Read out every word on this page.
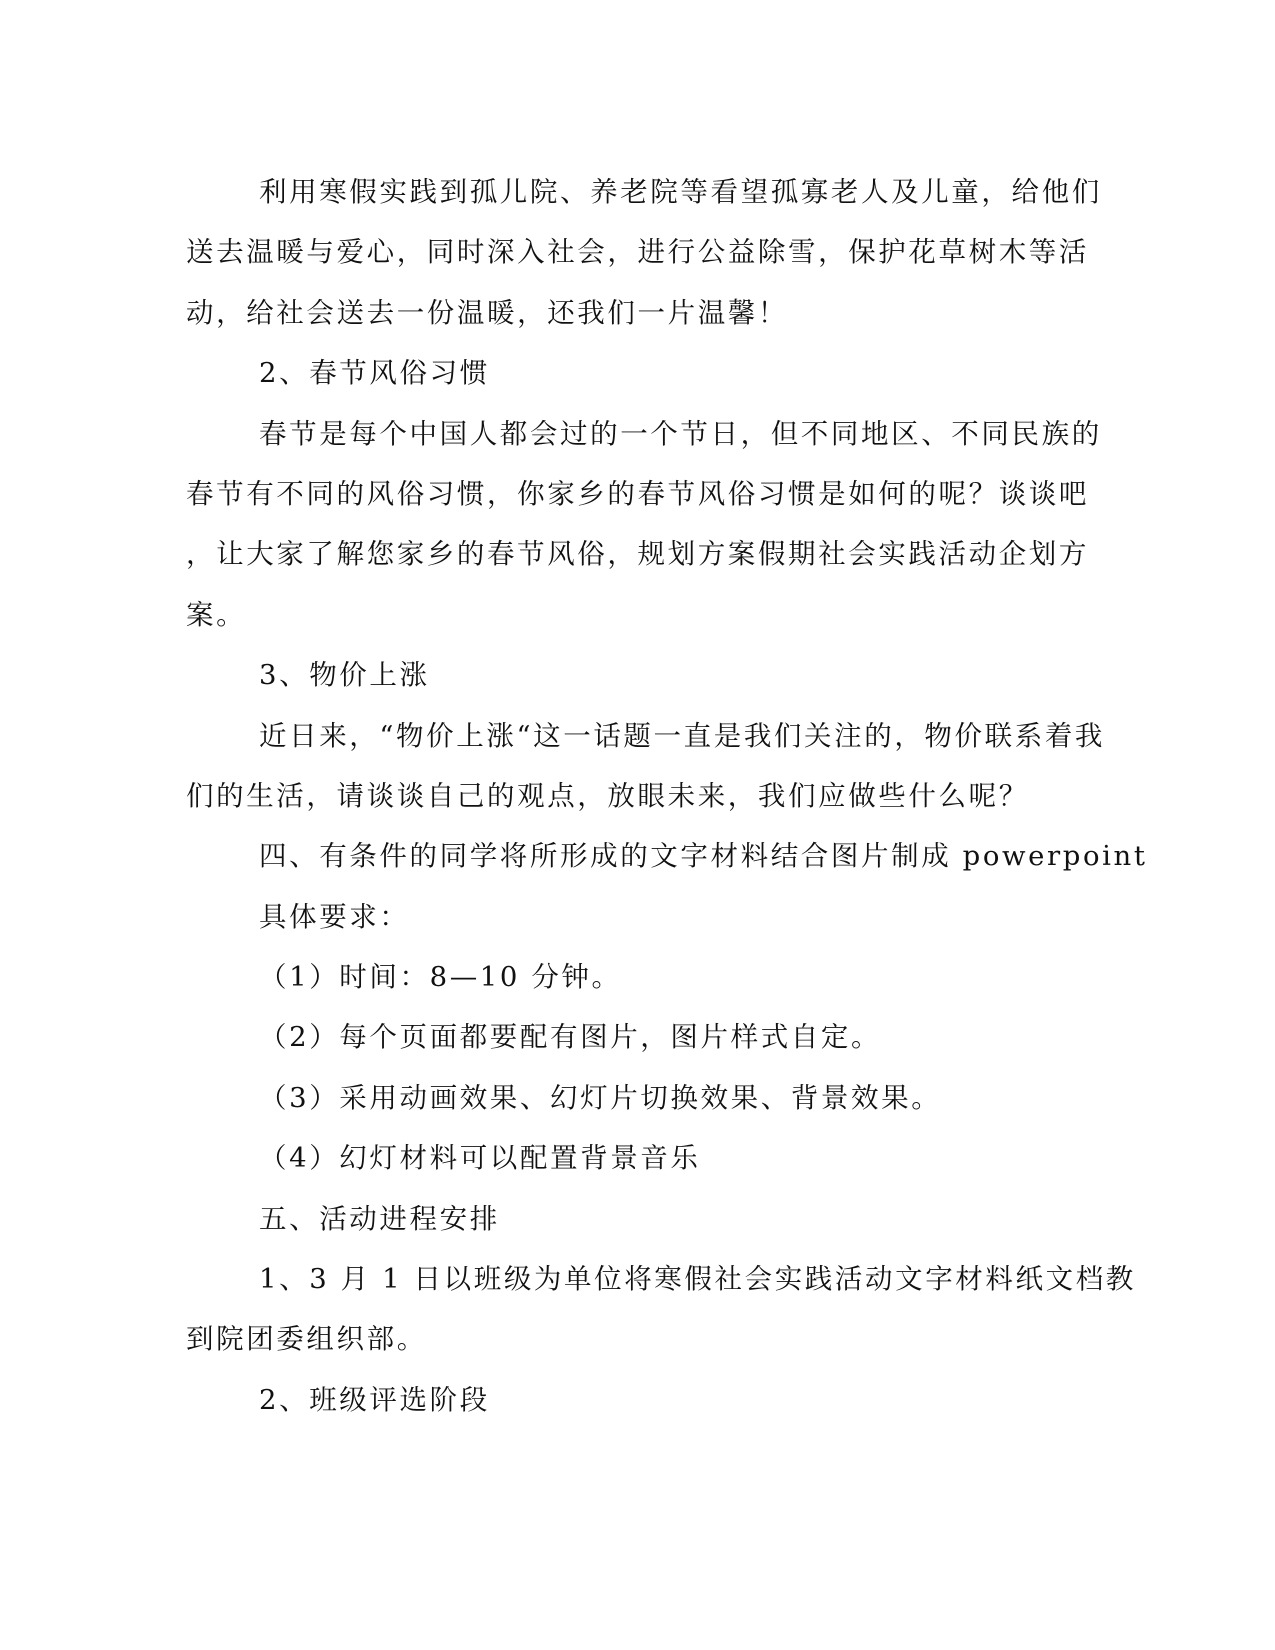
利用寒假实践到孤儿院、养老院等看望孤寡老人及儿童，给他们
送去温暖与爱心，同时深入社会，进行公益除雪，保护花草树木等活
动，给社会送去一份温暖，还我们一片温馨！
2、春节风俗习惯
春节是每个中国人都会过的一个节日，但不同地区、不同民族的
春节有不同的风俗习惯，你家乡的春节风俗习惯是如何的呢？谈谈吧
，让大家了解您家乡的春节风俗，规划方案假期社会实践活动企划方
案。
3、物价上涨
近日来，“物价上涨“这一话题一直是我们关注的，物价联系着我
们的生活，请谈谈自己的观点，放眼未来，我们应做些什么呢？
四、有条件的同学将所形成的文字材料结合图片制成 powerpoint
具体要求：
（1）时间：8—10 分钟。
（2）每个页面都要配有图片，图片样式自定。
（3）采用动画效果、幻灯片切换效果、背景效果。
（4）幻灯材料可以配置背景音乐
五、活动进程安排
1、3 月 1 日以班级为单位将寒假社会实践活动文字材料纸文档教
到院团委组织部。
2、班级评选阶段
